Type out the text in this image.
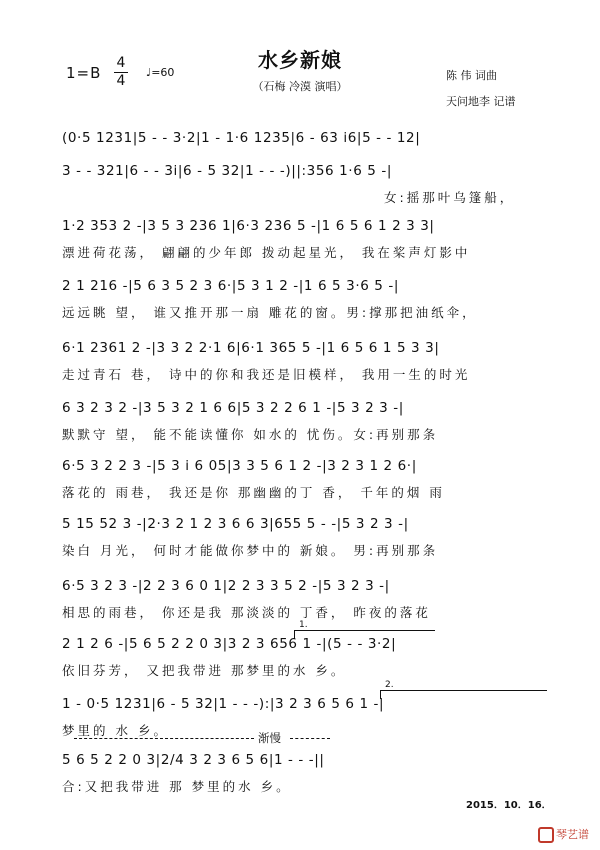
1=B
4
4
♩=60
水乡新娘
（石梅 冷漠 演唱）
陈 伟 词曲
天问地李 记谱
(0·5 1231|5 - - 3·2|1 - 1·6 1235|6 - 63 i6|5 - - 12|
3 - - 321|6 - - 3i|6 - 5 32|1 - - -)||:356 1·6 5 -|
女:摇那叶乌篷船，
1·2 353 2 -|3 5 3 236 1|6·3 236 5 -|1 6 5 6 1 2 3 3|
漂进荷花荡， 翩翩的少年郎 拨动起星光， 我在桨声灯影中
2 1 216 -|5 6 3 5 2 3 6·|5 3 1 2 -|1 6 5 3·6 5 -|
远远眺 望， 谁又推开那一扇 雕花的窗。男:撑那把油纸伞，
6·1 2361 2 -|3 3 2 2·1 6|6·1 365 5 -|1 6 5 6 1 5 3 3|
走过青石 巷， 诗中的你和我还是旧模样， 我用一生的时光
6 3 2 3 2 -|3 5 3 2 1 6 6|5 3 2 2 6 1 -|5 3 2 3 -|
默默守 望， 能不能读懂你 如水的 忧伤。女:再别那条
6·5 3 2 2 3 -|5 3 i 6 05|3 3 5 6 1 2 -|3 2 3 1 2 6·|
落花的 雨巷， 我还是你 那幽幽的丁 香， 千年的烟 雨
5 15 52 3 -|2·3 2 1 2 3 6 6 3|655 5 - -|5 3 2 3 -|
染白 月光， 何时才能做你梦中的 新娘。 男:再别那条
6·5 3 2 3 -|2 2 3 6 0 1|2 2 3 3 5 2 -|5 3 2 3 -|
相思的雨巷， 你还是我 那淡淡的 丁香， 昨夜的落花
1.
2 1 2 6 -|5 6 5 2 2 0 3|3 2 3 656 1 -|(5 - - 3·2|
依旧芬芳， 又把我带进 那梦里的水 乡。
2.
1 - 0·5 1231|6 - 5 32|1 - - -):|3 2 3 6 5 6 1 -|
梦里的 水 乡。	渐慢
5 6 5 2 2 0 3|2/4 3 2 3 6 5 6|1 - - -||
合:又把我带进 那 梦里的水 乡。
2015．10．16．
琴艺谱
